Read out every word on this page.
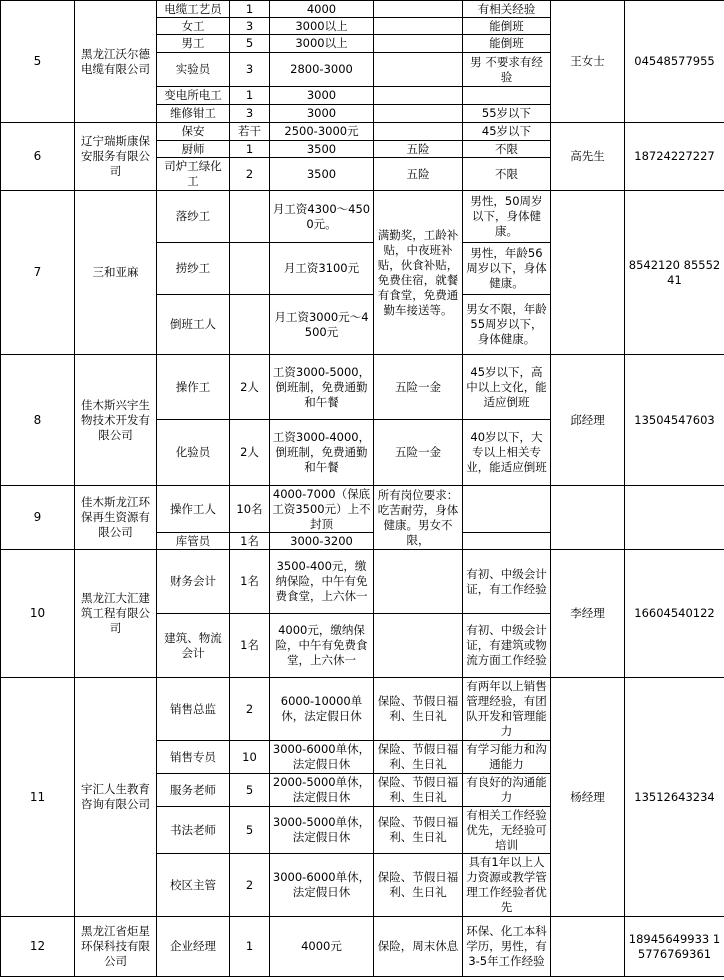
5	黑龙江沃尔德电缆有限公司	电缆工艺员	1	4000		有相关经验	王女士	04548577955
		女工	3	3000以上		能倒班		
		男工	5	3000以上		能倒班		
		实验员	3	2800-3000		男 不要求有经验		
		变电所电工	1	3000				
		维修钳工	3	3000		55岁以下		
6	辽宁瑞斯康保安服务有限公司	保安	若干	2500-3000元		45岁以下	高先生	18724227227
		厨师	1	3500	五险	不限		
		司炉工绿化工	2	3500	五险	不限		
7	三和亚麻	落纱工		月工资4300～4500元。	满勤奖，工龄补贴，中夜班补贴，伙食补贴，免费住宿，就餐有食堂，免费通勤车接送等。	男性，50周岁以下，身体健康。		8542120 8555241
		捞纱工		月工资3100元		男性，年龄56周岁以下，身体健康。		
		倒班工人		月工资3000元～4500元		男女不限，年龄55周岁以下，身体健康。		
8	佳木斯兴宇生物技术开发有限公司	操作工	2人	工资3000-5000，倒班制，免费通勤和午餐	五险一金	45岁以下，高中以上文化，能适应倒班	邱经理	13504547603
		化验员	2人	工资3000-4000，倒班制，免费通勤和午餐	五险一金	40岁以下，大专以上相关专业，能适应倒班		
9	佳木斯龙江环保再生资源有限公司	操作工人	10名	4000-7000（保底工资3500元）上不封顶	所有岗位要求：吃苦耐劳，身体健康。男女不限，			
		库管员	1名	3000-3200				
10	黑龙江大汇建筑工程有限公司	财务会计	1名	3500-400元，缴纳保险，中午有免费食堂，上六休一		有初、中级会计证，有工作经验	李经理	16604540122
		建筑、物流会计	1名	4000元，缴纳保险，中午有免费食堂，上六休一		有初、中级会计证，有建筑或物流方面工作经验		
11	宇汇人生教育咨询有限公司	销售总监	2	6000-10000单休，法定假日休	保险、节假日福利、生日礼	有两年以上销售管理经验，有团队开发和管理能力	杨经理	13512643234
		销售专员	10	3000-6000单休，法定假日休	保险、节假日福利、生日礼	有学习能力和沟通能力		
		服务老师	5	2000-5000单休，法定假日休	保险、节假日福利、生日礼	有良好的沟通能力		
		书法老师	5	3000-5000单休，法定假日休	保险、节假日福利、生日礼	有相关工作经验优先，无经验可培训		
		校区主管	2	3000-6000单休，法定假日休	保险、节假日福利、生日礼	具有1年以上人力资源或教学管理工作经验者优先		
12	黑龙江省炬星环保科技有限公司	企业经理	1	4000元	保险，周末休息	环保、化工本科学历，男性，有3-5年工作经验		18945649933 15776769361
